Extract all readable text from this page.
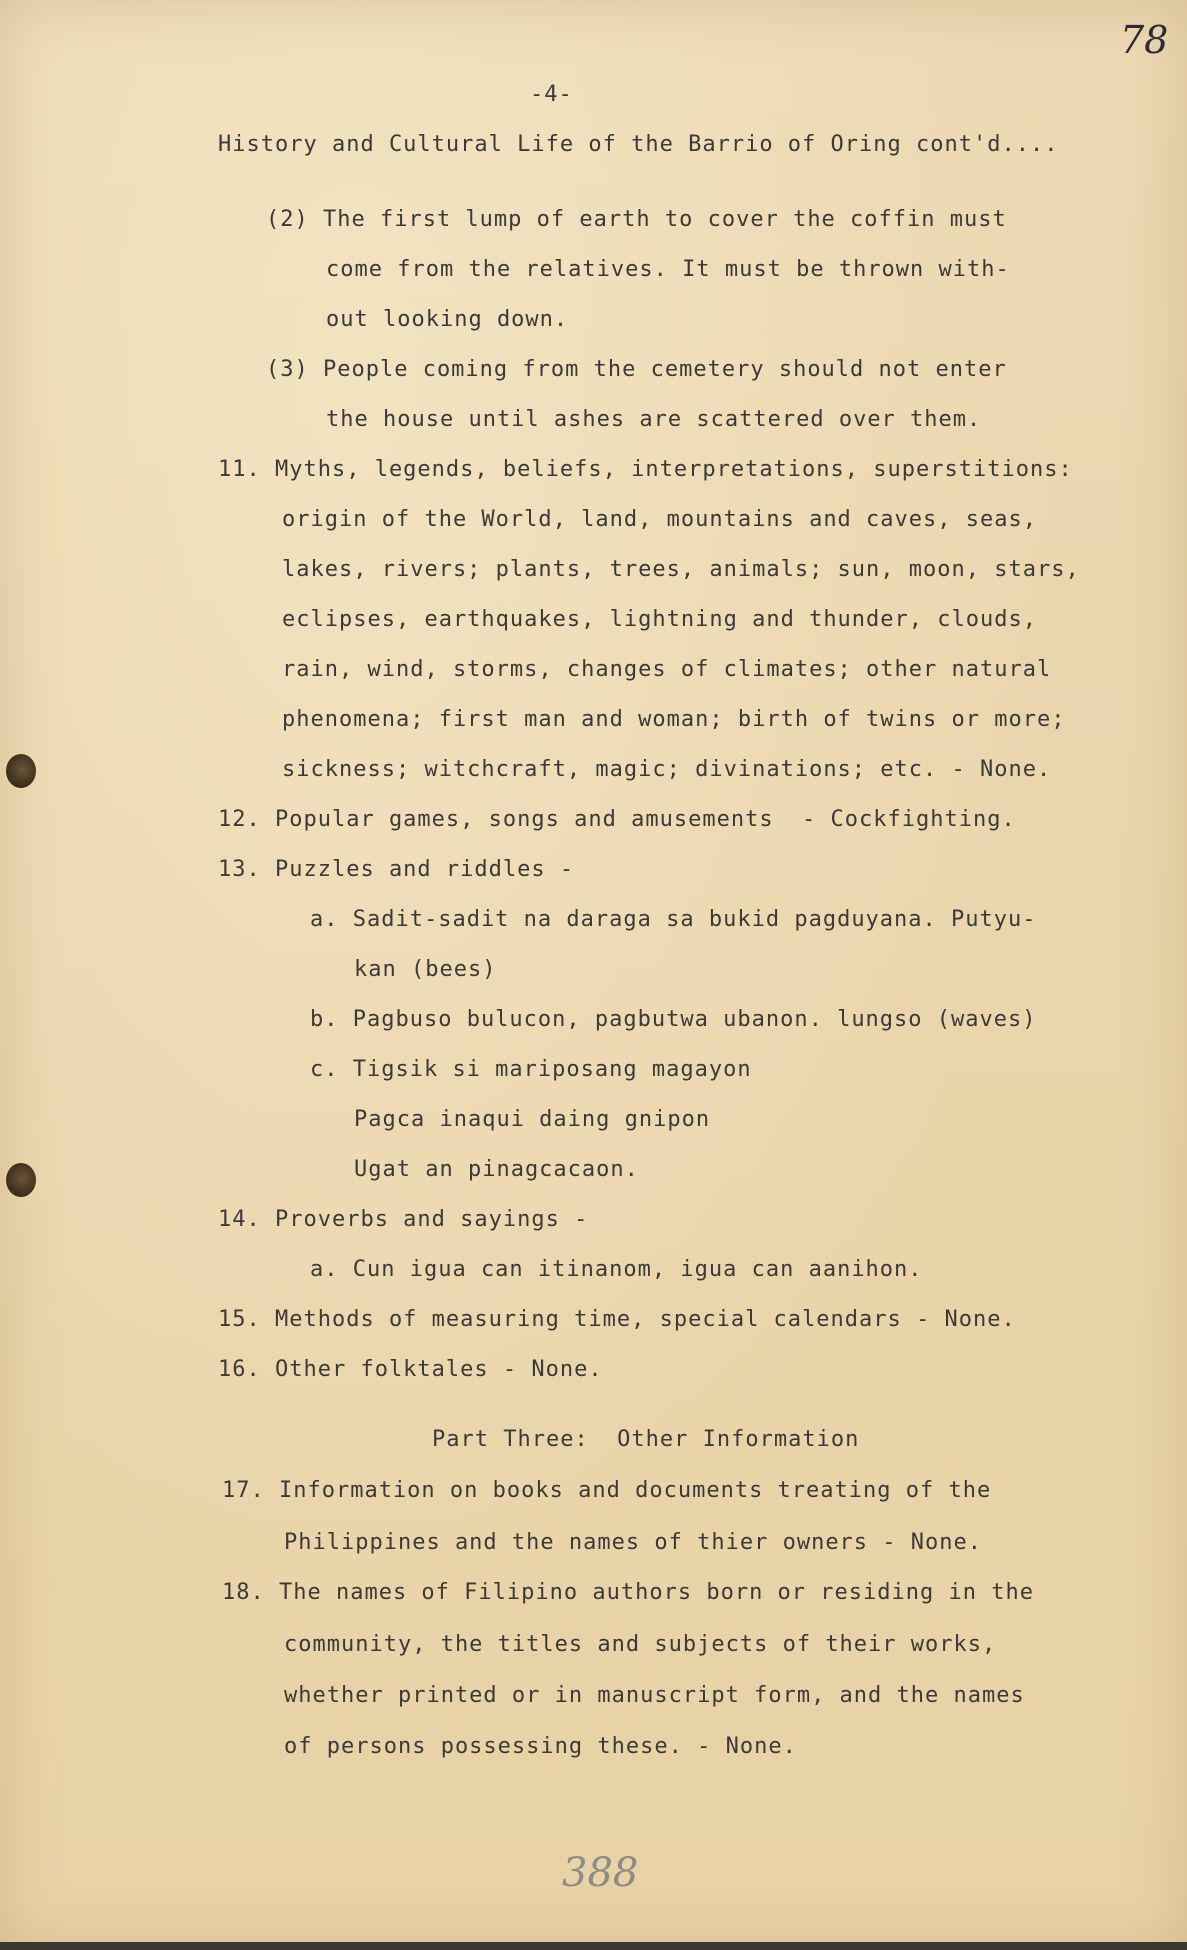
78
-4-
History and Cultural Life of the Barrio of Oring cont'd....
(2) The first lump of earth to cover the coffin must
come from the relatives. It must be thrown with-
out looking down.
(3) People coming from the cemetery should not enter
the house until ashes are scattered over them.
11. Myths, legends, beliefs, interpretations, superstitions:
origin of the World, land, mountains and caves, seas,
lakes, rivers; plants, trees, animals; sun, moon, stars,
eclipses, earthquakes, lightning and thunder, clouds,
rain, wind, storms, changes of climates; other natural
phenomena; first man and woman; birth of twins or more;
sickness; witchcraft, magic; divinations; etc. - None.
12. Popular games, songs and amusements  - Cockfighting.
13. Puzzles and riddles -
a. Sadit-sadit na daraga sa bukid pagduyana. Putyu-
kan (bees)
b. Pagbuso bulucon, pagbutwa ubanon. lungso (waves)
c. Tigsik si mariposang magayon
Pagca inaqui daing gnipon
Ugat an pinagcacaon.
14. Proverbs and sayings -
a. Cun igua can itinanom, igua can aanihon.
15. Methods of measuring time, special calendars - None.
16. Other folktales - None.
Part Three:  Other Information
17. Information on books and documents treating of the
Philippines and the names of thier owners - None.
18. The names of Filipino authors born or residing in the
community, the titles and subjects of their works,
whether printed or in manuscript form, and the names
of persons possessing these. - None.
388
